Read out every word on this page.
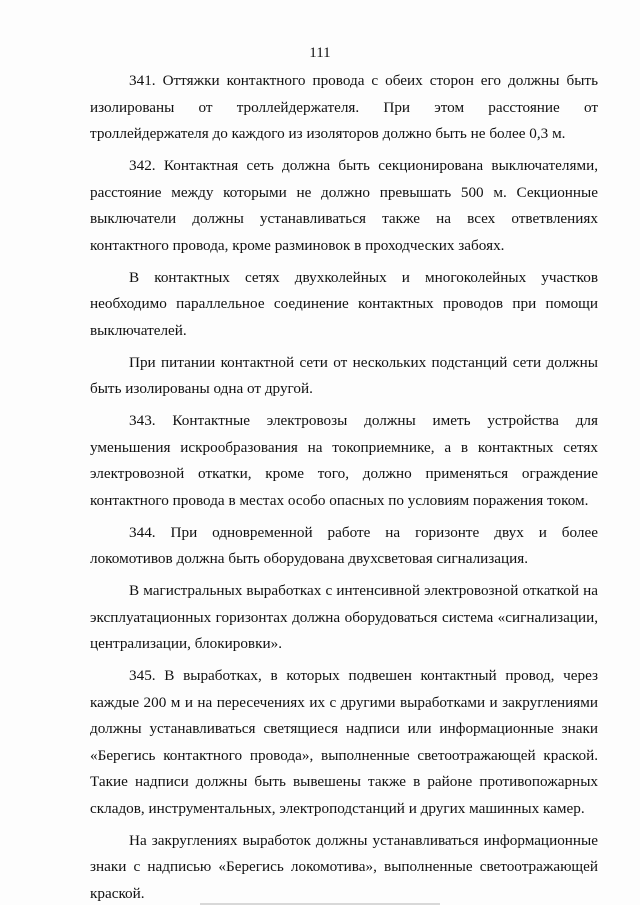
111

341. Оттяжки контактного провода с обеих сторон его должны быть
изолированы от троллейдержателя. При этом расстояние от
троллейдержателя до каждого из изоляторов должно быть не более 0,3 м.

342. Контактная сеть должна быть секционирована выключателями,
расстояние между которыми не должно превышать 500 м. Секционные
выключатели должны устанавливаться также на всех ответвлениях
контактного провода, кроме разминовок в проходческих забоях.

В контактных сетях двухколейных и многоколейных участков
необходимо параллельное соединение контактных проводов при помощи
выключателей.

При питании контактной сети от нескольких подстанций сети должны
быть изолированы одна от другой.

343. Контактные электровозы должны иметь устройства для
уменьшения искрообразования на токоприемнике, а в контактных сетях
электровозной откатки, кроме того, должно применяться ограждение
контактного провода в местах особо опасных по условиям поражения током.

344. При одновременной работе на горизонте двух и более
локомотивов должна быть оборудована двухсветовая сигнализация.

В магистральных выработках с интенсивной электровозной откаткой на
эксплуатационных горизонтах должна оборудоваться система «сигнализации,
централизации, блокировки».

345. В выработках, в которых подвешен контактный провод, через
каждые 200 м и на пересечениях их с другими выработками и закруглениями
должны устанавливаться светящиеся надписи или информационные знаки
«Берегись контактного провода», выполненные светоотражающей краской.
Такие надписи должны быть вывешены также в районе противопожарных
складов, инструментальных, электроподстанций и других машинных камер.

На закруглениях выработок должны устанавливаться информационные
знаки с надписью «Берегись локомотива», выполненные светоотражающей
краской.
